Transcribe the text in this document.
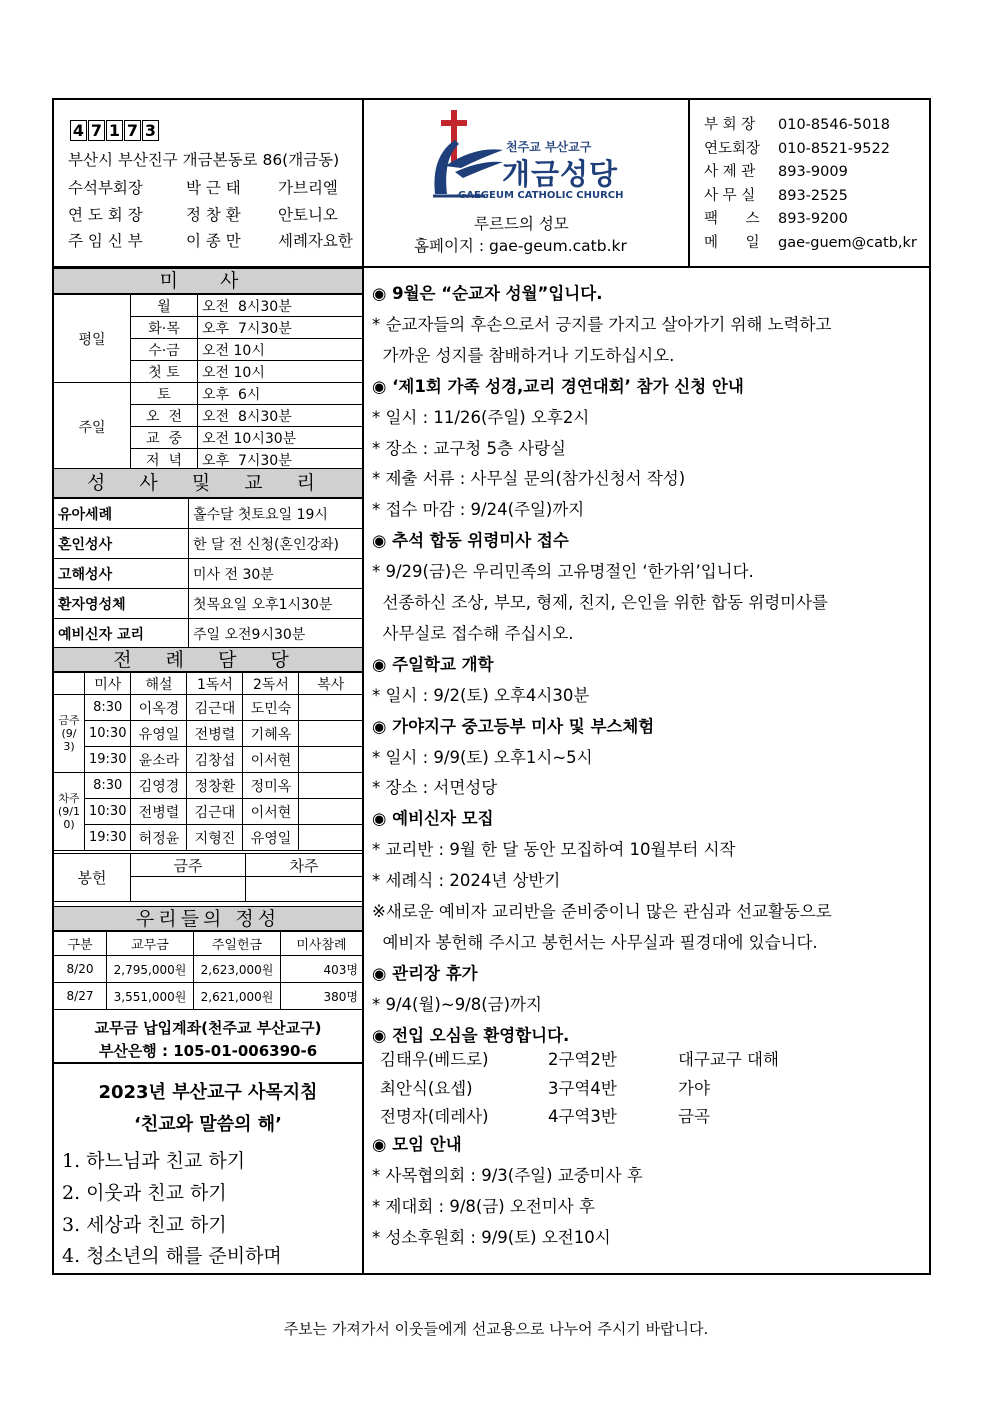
4 7 1 7 3
부산시 부산진구 개금본동로 86(개금동)
수석부회장	박 근 태 가브리엘
연 도 회 장	정 창 환 안토니오
주 임 신 부	이 종 만 세례자요한
천주교 부산교구
개금성당
GAEGEUM CATHOLIC CHURCH
루르드의 성모
홈페이지 : gae-geum.catb.kr
부 회 장 010-8546-5018
연도회장 010-8521-9522
사 제 관 893-9009
사 무 실 893-2525
팩      스 893-9200
메      일 gae-guem@catb,kr
미 사
평일	월	오전  8시30분
	화·목	오후  7시30분
	수·금	오전 10시
	첫 토	오전 10시
주일	토	오후  6시
	오  전	오전  8시30분
	교  중	오전 10시30분
	저  녁	오후  7시30분
성 사 및 교 리
유아세례	홀수달 첫토요일 19시
혼인성사	한 달 전 신청(혼인강좌)
고해성사	미사 전 30분
환자영성체	첫목요일 오후1시30분
예비신자 교리	주일 오전9시30분
전 례 담 당
	미사	해설	1독서	2독서	복사
금주(9/3)	8:30	이옥경	김근대	도민숙	
	10:30	유영일	전병렬	기혜옥	
	19:30	윤소라	김창섭	이서현	
차주(9/10)	8:30	김영경	정창환	정미옥	
	10:30	전병렬	김근대	이서현	
	19:30	허정윤	지형진	유영일	
봉헌	금주	차주

우리들의 정성
구분	교무금	주일헌금	미사참례
8/20	2,795,000원	2,623,000원	403명
8/27	3,551,000원	2,621,000원	380명
교무금 납입계좌(천주교 부산교구)
부산은행 : 105-01-006390-6
2023년 부산교구 사목지침
‘친교와 말씀의 해’
1. 하느님과 친교 하기
2. 이웃과 친교 하기
3. 세상과 친교 하기
4. 청소년의 해를 준비하며
◉ 9월은 “순교자 성월”입니다.
* 순교자들의 후손으로서 긍지를 가지고 살아가기 위해 노력하고
가까운 성지를 참배하거나 기도하십시오.
◉ ‘제1회 가족 성경,교리 경연대회’ 참가 신청 안내
* 일시 : 11/26(주일) 오후2시
* 장소 : 교구청 5층 사랑실
* 제출 서류 : 사무실 문의(참가신청서 작성)
* 접수 마감 : 9/24(주일)까지
◉ 추석 합동 위령미사 접수
* 9/29(금)은 우리민족의 고유명절인 ‘한가위’입니다.
선종하신 조상, 부모, 형제, 친지, 은인을 위한 합동 위령미사를
사무실로 접수해 주십시오.
◉ 주일학교 개학
* 일시 : 9/2(토) 오후4시30분
◉ 가야지구 중고등부 미사 및 부스체험
* 일시 : 9/9(토) 오후1시~5시
* 장소 : 서면성당
◉ 예비신자 모집
* 교리반 : 9월 한 달 동안 모집하여 10월부터 시작
* 세례식 : 2024년 상반기
※새로운 예비자 교리반을 준비중이니 많은 관심과 선교활동으로
예비자 봉헌해 주시고 봉헌서는 사무실과 필경대에 있습니다.
◉ 관리장 휴가
* 9/4(월)~9/8(금)까지
◉ 전입 오심을 환영합니다.
김태우(베드로)	2구역2반	대구교구 대해
최안식(요셉)	3구역4반	가야
전명자(데레사)	4구역3반	금곡
◉ 모임 안내
* 사목협의회 : 9/3(주일) 교중미사 후
* 제대회 : 9/8(금) 오전미사 후
* 성소후원회 : 9/9(토) 오전10시
주보는 가져가서 이웃들에게 선교용으로 나누어 주시기 바랍니다.
